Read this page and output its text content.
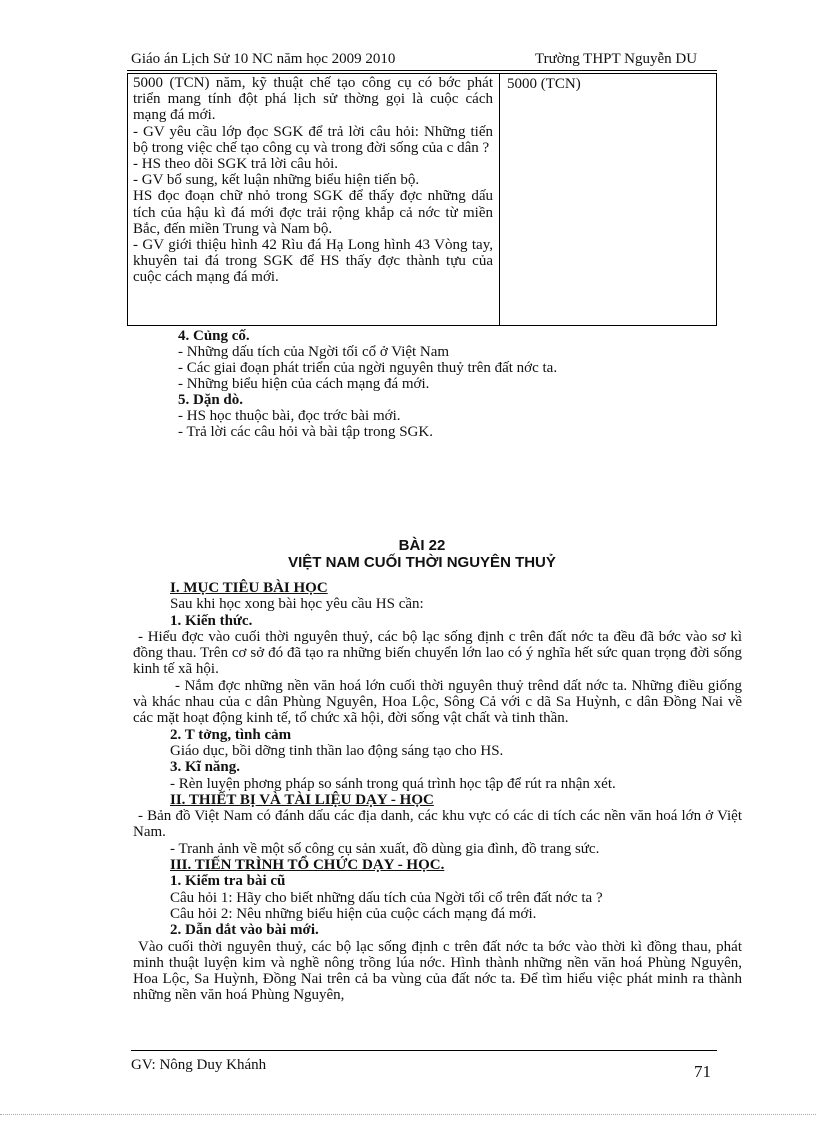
Giáo án Lịch Sử 10 NC năm học 2009 2010	Trường THPT Nguyễn DU

5000 (TCN) năm, kỹ thuật chế tạo công cụ có bớc phát triển mang tính đột phá lịch sử thờng gọi là cuộc cách mạng đá mới.

- GV yêu cầu lớp đọc SGK để trả lời câu hỏi: Những tiến bộ trong việc chế tạo công cụ và trong đời sống của c dân ?

- HS theo dõi SGK trả lời câu hỏi.

- GV bổ sung, kết luận những biểu hiện tiến bộ.

HS đọc đoạn chữ nhỏ trong SGK để thấy đợc những dấu tích của hậu kì đá mới đợc trải rộng khắp cả nớc từ miền Bắc, đến miền Trung và Nam bộ.

- GV giới thiệu hình 42 Rìu đá Hạ Long hình 43 Vòng tay, khuyên tai đá trong SGK để HS thấy đợc thành tựu của cuộc cách mạng đá mới.

5000 (TCN)

4. Củng cố.

- Những dấu tích của Ngời tối cổ ở Việt Nam

- Các giai đoạn phát triển của ngời nguyên thuỷ trên đất nớc ta.

- Những biểu hiện của cách mạng đá mới.

5. Dặn dò.

- HS học thuộc bài, đọc trớc bài mới.

- Trả lời các câu hỏi và bài tập trong SGK.

BÀI 22
VIỆT NAM CUỐI THỜI NGUYÊN THUỶ

I. MỤC TIÊU BÀI HỌC

Sau khi học xong bài học yêu cầu HS cần:

1. Kiến thức.

- Hiểu đợc vào cuối thời nguyên thuỷ, các bộ lạc sống định c trên đất nớc ta đều đã bớc vào sơ kì đồng thau. Trên cơ sở đó đã tạo ra những biến chuyển lớn lao có ý nghĩa hết sức quan trọng đời sống kinh tế xã hội.

- Nắm đợc những nền văn hoá lớn cuối thời nguyên thuỷ trênd dất nớc ta. Những điều giống và khác nhau của c dân Phùng Nguyên, Hoa Lộc, Sông Cả với c dã Sa Huỳnh, c dân Đồng Nai về các mặt hoạt động kinh tế, tổ chức xã hội, đời sống vật chất và tinh thần.

2. T tởng, tình cảm

Giáo dục, bồi dỡng tinh thần lao động sáng tạo cho HS.

3. Kĩ năng.

- Rèn luyện phơng pháp so sánh trong quá trình học tập để rút ra nhận xét.

II. THIẾT BỊ VÀ TÀI LIỆU DẠY - HỌC

- Bản đồ Việt Nam có đánh dấu các địa danh, các khu vực có các di tích các nền văn hoá lớn ở Việt Nam.

- Tranh ảnh về một số công cụ sản xuất, đồ dùng gia đình, đồ trang sức.

III. TIẾN TRÌNH TỔ CHỨC DẠY - HỌC.

1. Kiểm tra bài cũ

Câu hỏi 1: Hãy cho biết những dấu tích của Ngời tối cổ trên đất nớc ta ?

Câu hỏi 2: Nêu những biểu hiện của cuộc cách mạng đá mới.

2. Dẫn dắt vào bài mới.

Vào cuối thời nguyên thuỷ, các bộ lạc sống định c trên đất nớc ta bớc vào thời kì đồng thau, phát minh thuật luyện kim và nghề nông trồng lúa nớc. Hình thành những nền văn hoá Phùng Nguyên, Hoa Lộc, Sa Huỳnh, Đồng Nai trên cả ba vùng của đất nớc ta. Để tìm hiểu việc phát minh ra thành những nền văn hoá Phùng Nguyên,

GV: Nông Duy Khánh	71
